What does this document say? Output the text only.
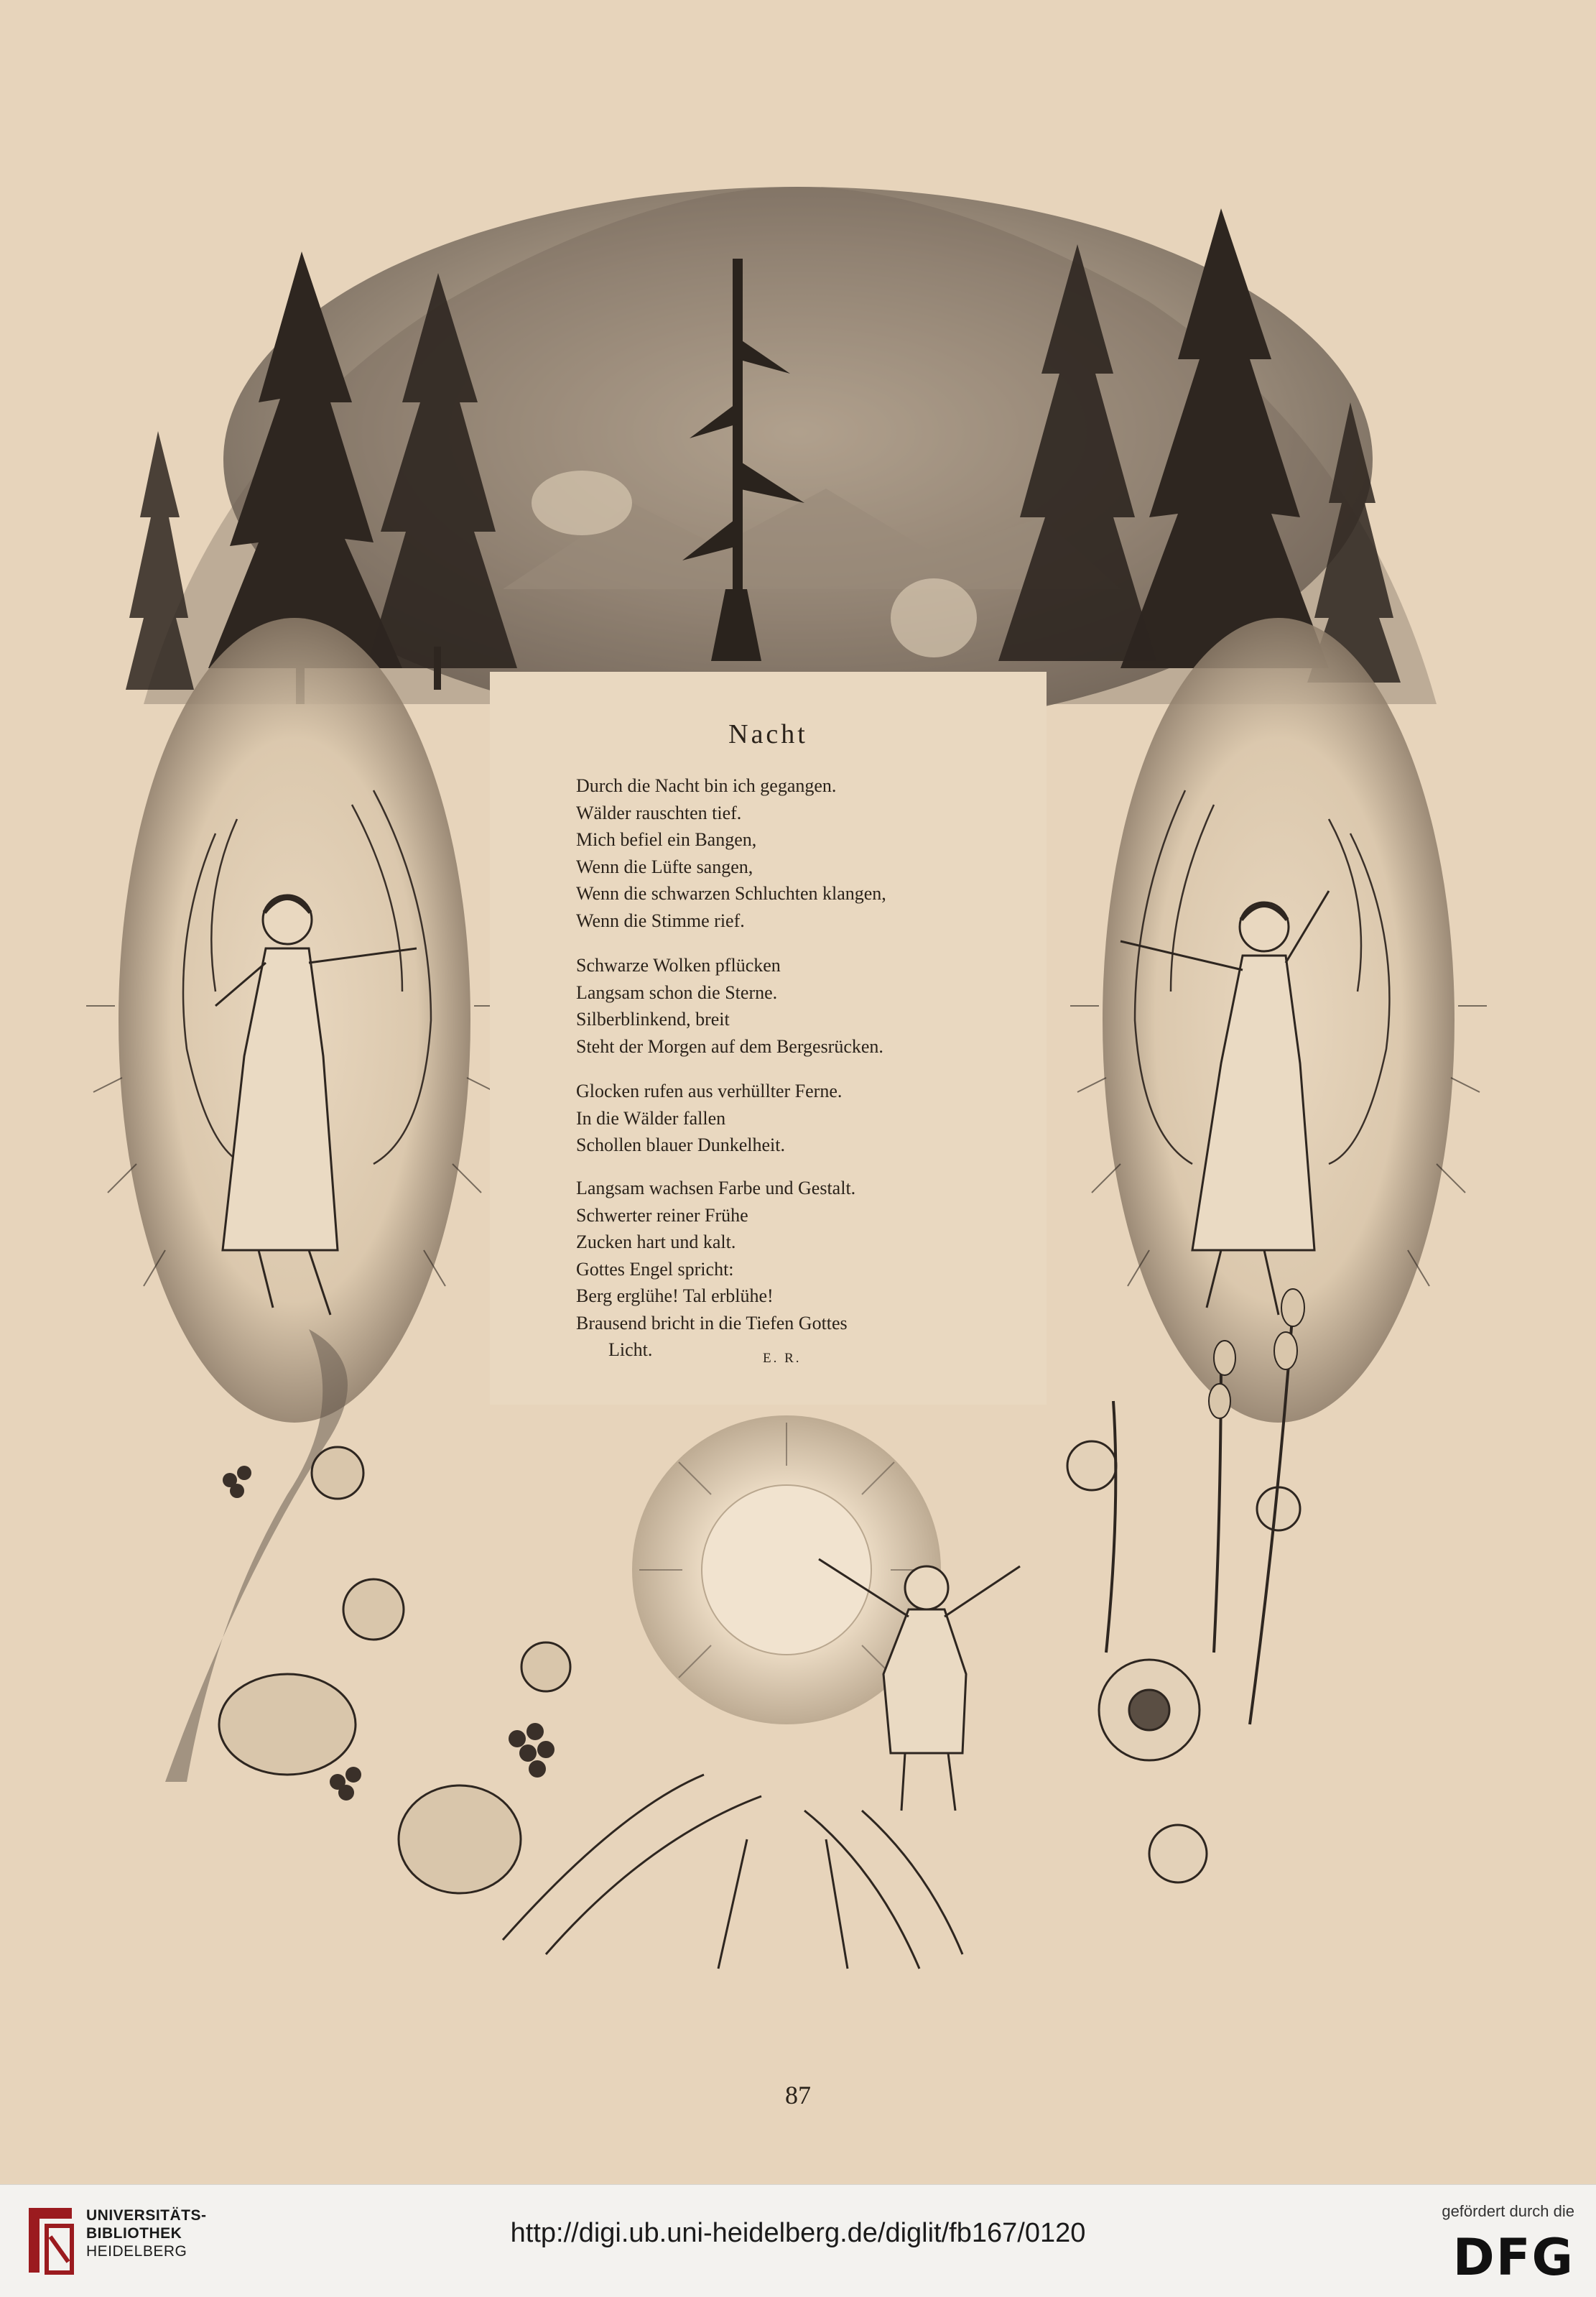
Nacht
Durch die Nacht bin ich gegangen.
Wälder rauschten tief.
Mich befiel ein Bangen,
Wenn die Lüfte sangen,
Wenn die schwarzen Schluchten klangen,
Wenn die Stimme rief.
Schwarze Wolken pflücken
Langsam schon die Sterne.
Silberblinkend, breit
Steht der Morgen auf dem Bergesrücken.
Glocken rufen aus verhüllter Ferne.
In die Wälder fallen
Schollen blauer Dunkelheit.
Langsam wachsen Farbe und Gestalt.
Schwerter reiner Frühe
Zucken hart und kalt.
Gottes Engel spricht:
Berg erglühe! Tal erblühe!
Brausend bricht in die Tiefen Gottes
Licht.	E. R.
87
UNIVERSITÄTS-
BIBLIOTHEK
HEIDELBERG
http://digi.ub.uni-heidelberg.de/diglit/fb167/0120
gefördert durch die
DFG
